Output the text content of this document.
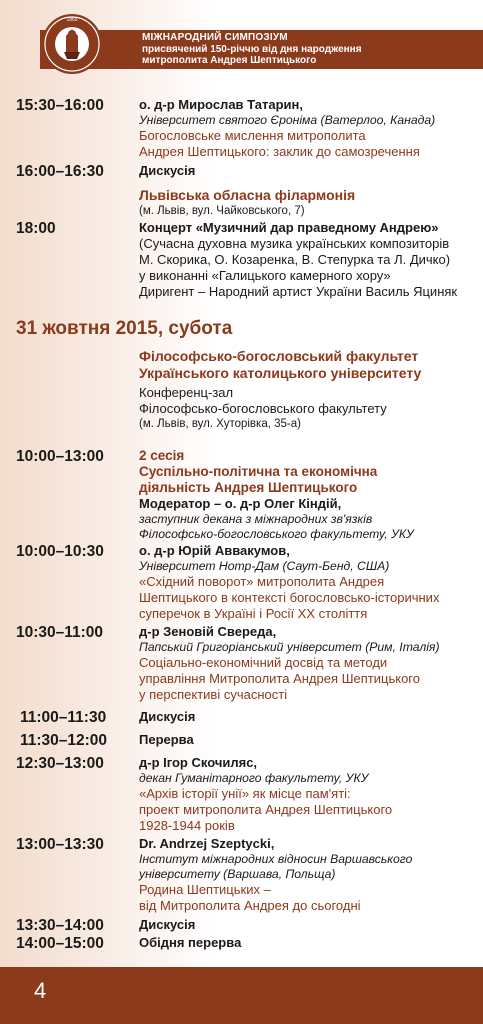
1865
МІЖНАРОДНИЙ СИМПОЗІУМ
присвячений 150-річчю від дня народження
митрополита Андрея Шептицького
15:30–16:00	о. д-р Мирослав Татарин,
Університет святого Єроніма (Ватерлоо, Канада)
Богословське мислення митрополита
Андрея Шептицького: заклик до самозречення
16:00–16:30	Дискусія
Львівська обласна філармонія
(м. Львів, вул. Чайковського, 7)
18:00	Концерт «Музичний дар праведному Андрею»
(Сучасна духовна музика українських композиторів
М. Скорика, О. Козаренка, В. Степурка та Л. Дичко)
у виконанні «Галицького камерного хору»
Диригент – Народний артист України Василь Яциняк
31 жовтня 2015, субота
Філософсько-богословський факультет
Українського католицького університету
Конференц-зал
Філософсько-богословського факультету
(м. Львів, вул. Хуторівка, 35-а)
10:00–13:00	2 сесія
Суспільно-політична та економічна
діяльність Андрея Шептицького
Модератор – о. д-р Олег Кіндій,
заступник декана з міжнародних зв'язків
Філософсько-богословського факультету, УКУ
10:00–10:30	о. д-р Юрій Аввакумов,
Університет Нотр-Дам (Саут-Бенд, США)
«Східний поворот» митрополита Андрея
Шептицького в контексті богословсько-історичних
суперечок в Україні і Росії ХХ століття
10:30–11:00	д-р Зеновій Свереда,
Папський Григоріанський університет (Рим, Італія)
Соціально-економічний досвід та методи
управління Митрополита Андрея Шептицького
у перспективі сучасності
11:00–11:30	Дискусія
11:30–12:00	Перерва
12:30–13:00	д-р Ігор Скочиляс,
декан Гуманітарного факультету, УКУ
«Архів історії унії» як місце пам'яті:
проект митрополита Андрея Шептицького
1928-1944 років
13:00–13:30	Dr. Andrzej Szeptycki,
Інститут міжнародних відносин Варшавського
університету (Варшава, Польща)
Родина Шептицьких –
від Митрополита Андрея до сьогодні
13:30–14:00	Дискусія
14:00–15:00	Обідня перерва
4
